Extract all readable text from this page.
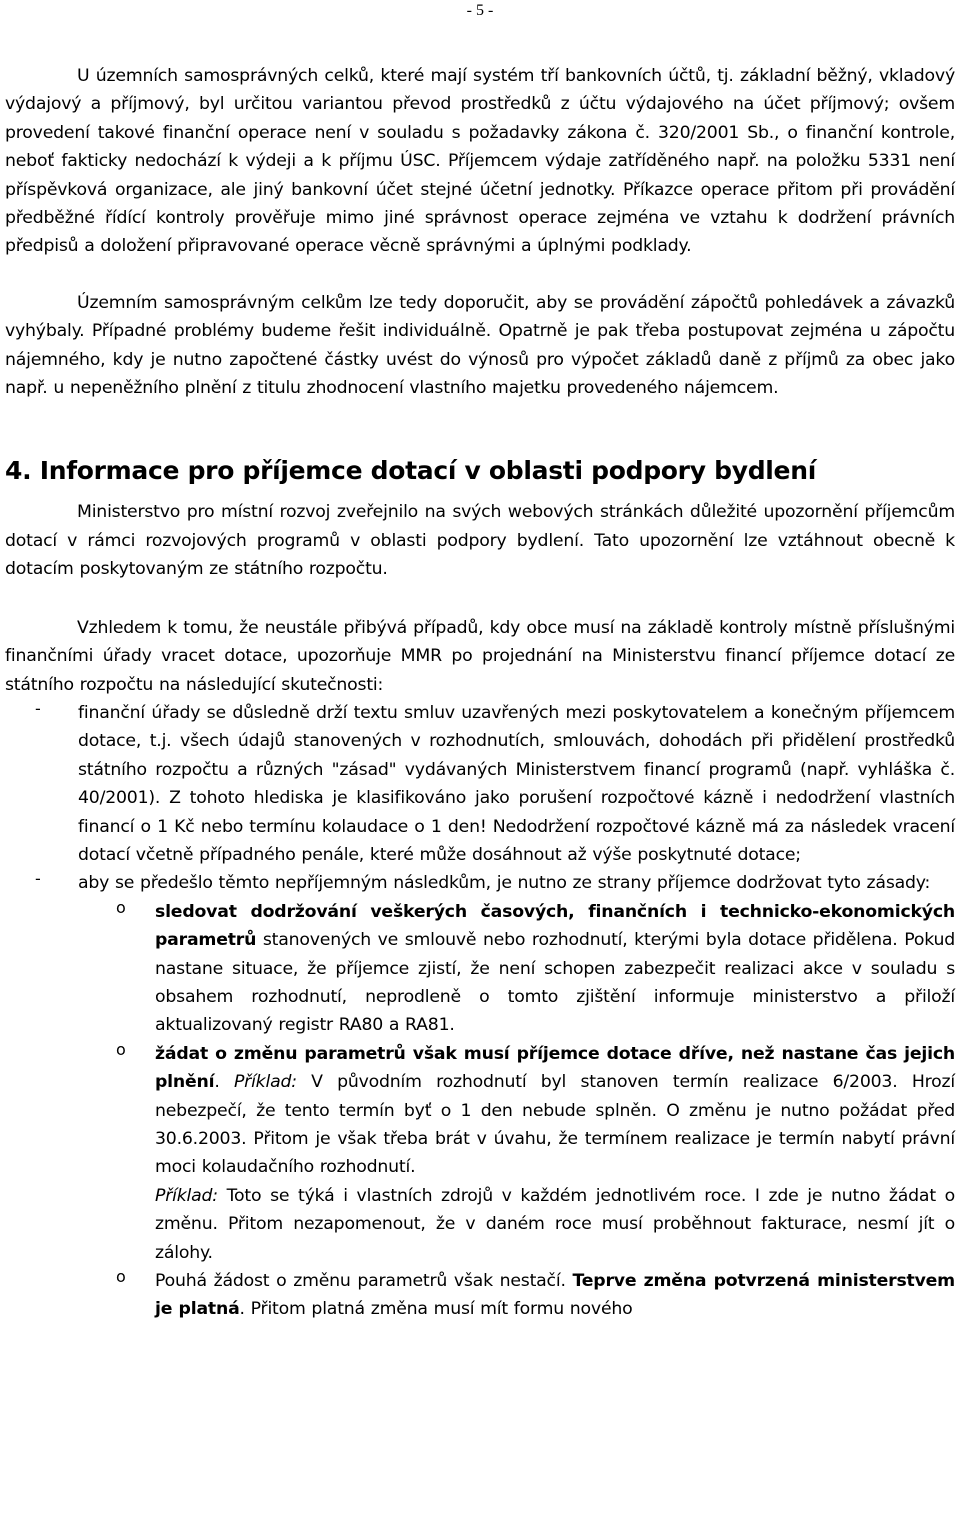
- 5 -

U územních samosprávných celků, které mají systém tří bankovních účtů, tj. základní běžný, vkladový výdajový a příjmový, byl určitou variantou převod prostředků z účtu výdajového na účet příjmový; ovšem provedení takové finanční operace není v souladu s požadavky zákona č. 320/2001 Sb., o finanční kontrole, neboť fakticky nedochází k výdeji a k příjmu ÚSC. Příjemcem výdaje zatříděného např. na položku 5331 není příspěvková organizace, ale jiný bankovní účet stejné účetní jednotky. Příkazce operace přitom při provádění předběžné řídící kontroly prověřuje mimo jiné správnost operace zejména ve vztahu k dodržení právních předpisů a doložení připravované operace věcně správnými a úplnými podklady.

Územním samosprávným celkům lze tedy doporučit, aby se provádění zápočtů pohledávek a závazků vyhýbaly. Případné problémy budeme řešit individuálně. Opatrně je pak třeba postupovat zejména u zápočtu nájemného, kdy je nutno započtené částky uvést do výnosů pro výpočet základů daně z příjmů za obec jako např. u nepeněžního plnění z titulu zhodnocení vlastního majetku provedeného nájemcem.

4. Informace pro příjemce dotací v oblasti podpory bydlení

Ministerstvo pro místní rozvoj zveřejnilo na svých webových stránkách důležité upozornění příjemcům dotací v rámci rozvojových programů v oblasti podpory bydlení. Tato upozornění lze vztáhnout obecně k dotacím poskytovaným ze státního rozpočtu.

Vzhledem k tomu, že neustále přibývá případů, kdy obce musí na základě kontroly místně příslušnými finančními úřady vracet dotace, upozorňuje MMR po projednání na Ministerstvu financí příjemce dotací ze státního rozpočtu na následující skutečnosti:

- finanční úřady se důsledně drží textu smluv uzavřených mezi poskytovatelem a konečným příjemcem dotace, t.j. všech údajů stanovených v rozhodnutích, smlouvách, dohodách při přidělení prostředků státního rozpočtu a různých "zásad" vydávaných Ministerstvem financí programů (např. vyhláška č. 40/2001). Z tohoto hlediska je klasifikováno jako porušení rozpočtové kázně i nedodržení vlastních financí o 1 Kč nebo termínu kolaudace o 1 den! Nedodržení rozpočtové kázně má za následek vracení dotací včetně případného penále, které může dosáhnout až výše poskytnuté dotace;

- aby se předešlo těmto nepříjemným následkům, je nutno ze strany příjemce dodržovat tyto zásady:

o sledovat dodržování veškerých časových, finančních i technicko-ekonomických parametrů stanovených ve smlouvě nebo rozhodnutí, kterými byla dotace přidělena. Pokud nastane situace, že příjemce zjistí, že není schopen zabezpečit realizaci akce v souladu s obsahem rozhodnutí, neprodleně o tomto zjištění informuje ministerstvo a přiloží aktualizovaný registr RA80 a RA81.

o žádat o změnu parametrů však musí příjemce dotace dříve, než nastane čas jejich plnění. Příklad: V původním rozhodnutí byl stanoven termín realizace 6/2003. Hrozí nebezpečí, že tento termín byť o 1 den nebude splněn. O změnu je nutno požádat před 30.6.2003. Přitom je však třeba brát v úvahu, že termínem realizace je termín nabytí právní moci kolaudačního rozhodnutí.

Příklad: Toto se týká i vlastních zdrojů v každém jednotlivém roce. I zde je nutno žádat o změnu. Přitom nezapomenout, že v daném roce musí proběhnout fakturace, nesmí jít o zálohy.

o Pouhá žádost o změnu parametrů však nestačí. Teprve změna potvrzená ministerstvem je platná. Přitom platná změna musí mít formu nového
